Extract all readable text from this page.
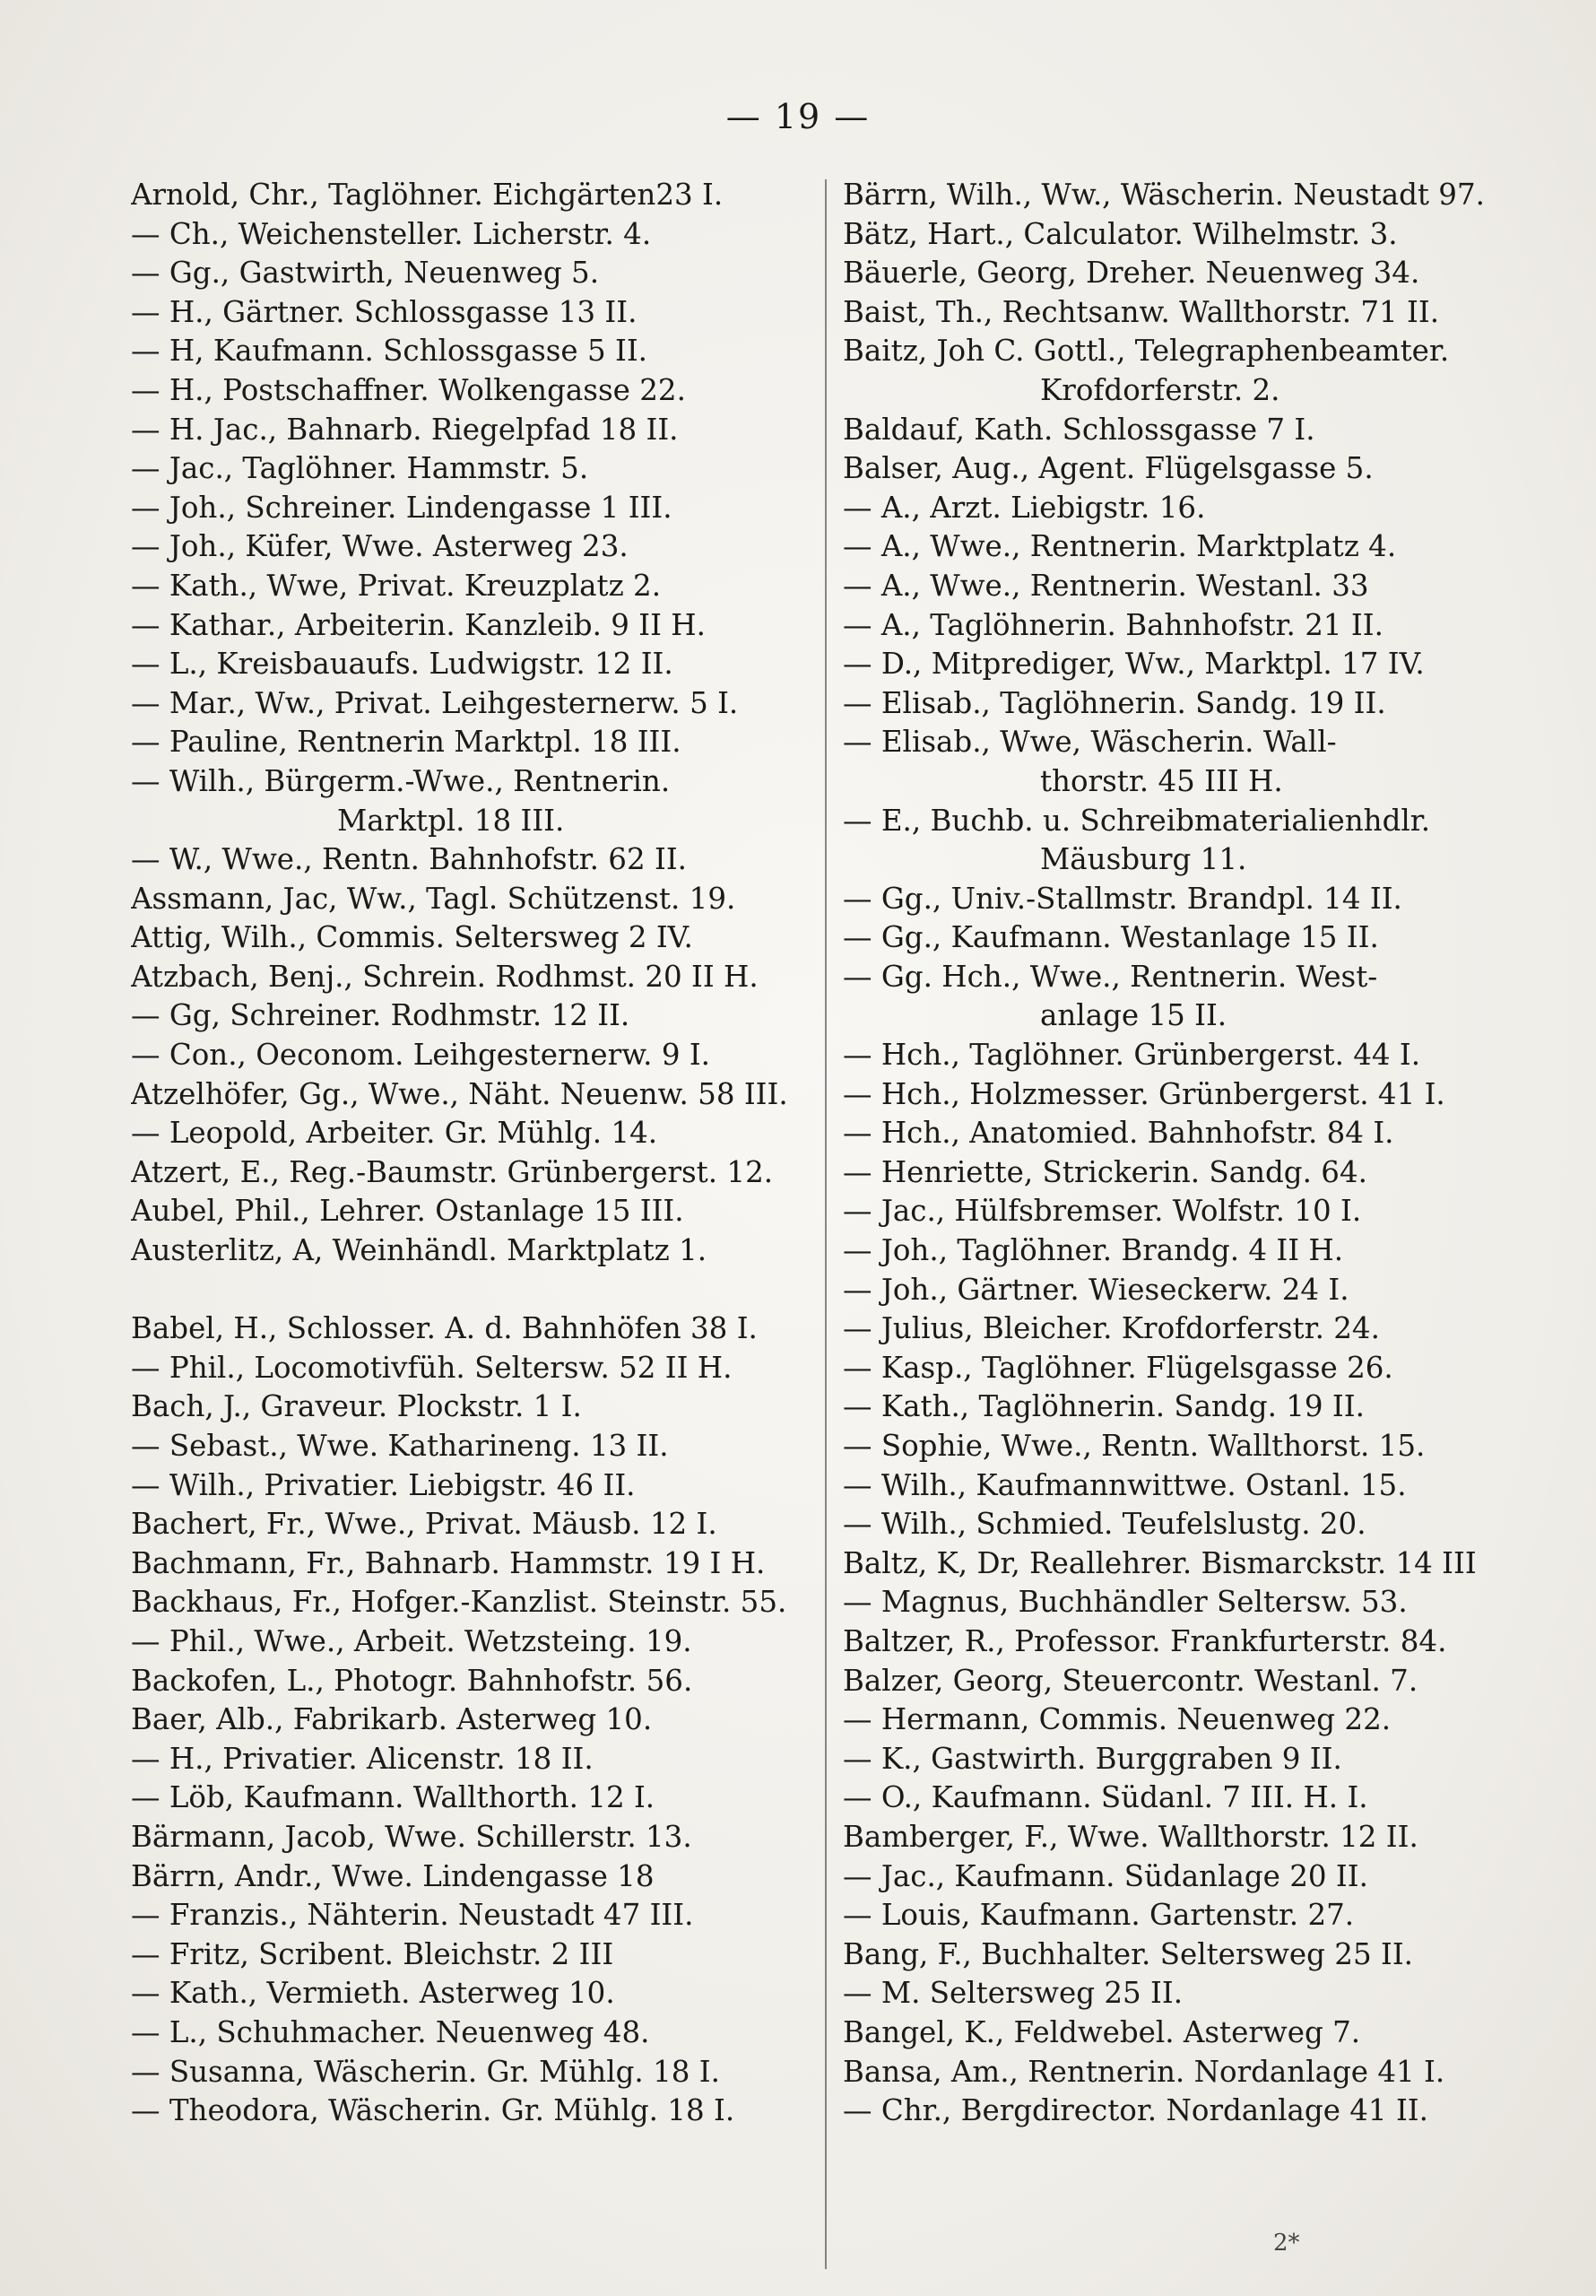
— 19 —
Arnold, Chr., Taglöhner. Eichgärten23 I.
— Ch., Weichensteller. Licherstr. 4.
— Gg., Gastwirth, Neuenweg 5.
— H., Gärtner. Schlossgasse 13 II.
— H, Kaufmann. Schlossgasse 5 II.
— H., Postschaffner. Wolkengasse 22.
— H. Jac., Bahnarb. Riegelpfad 18 II.
— Jac., Taglöhner. Hammstr. 5.
— Joh., Schreiner. Lindengasse 1 III.
— Joh., Küfer, Wwe. Asterweg 23.
— Kath., Wwe, Privat. Kreuzplatz 2.
— Kathar., Arbeiterin. Kanzleib. 9 II H.
— L., Kreisbauaufs. Ludwigstr. 12 II.
— Mar., Ww., Privat. Leihgesternerw. 5 I.
— Pauline, Rentnerin Marktpl. 18 III.
— Wilh., Bürgerm.-Wwe., Rentnerin.
Marktpl. 18 III.
— W., Wwe., Rentn. Bahnhofstr. 62 II.
Assmann, Jac, Ww., Tagl. Schützenst. 19.
Attig, Wilh., Commis. Seltersweg 2 IV.
Atzbach, Benj., Schrein. Rodhmst. 20 II H.
— Gg, Schreiner. Rodhmstr. 12 II.
— Con., Oeconom. Leihgesternerw. 9 I.
Atzelhöfer, Gg., Wwe., Näht. Neuenw. 58 III.
— Leopold, Arbeiter. Gr. Mühlg. 14.
Atzert, E., Reg.-Baumstr. Grünbergerst. 12.
Aubel, Phil., Lehrer. Ostanlage 15 III.
Austerlitz, A, Weinhändl. Marktplatz 1.
Babel, H., Schlosser. A. d. Bahnhöfen 38 I.
— Phil., Locomotivfüh. Seltersw. 52 II H.
Bach, J., Graveur. Plockstr. 1 I.
— Sebast., Wwe. Katharineng. 13 II.
— Wilh., Privatier. Liebigstr. 46 II.
Bachert, Fr., Wwe., Privat. Mäusb. 12 I.
Bachmann, Fr., Bahnarb. Hammstr. 19 I H.
Backhaus, Fr., Hofger.-Kanzlist. Steinstr. 55.
— Phil., Wwe., Arbeit. Wetzsteing. 19.
Backofen, L., Photogr. Bahnhofstr. 56.
Baer, Alb., Fabrikarb. Asterweg 10.
— H., Privatier. Alicenstr. 18 II.
— Löb, Kaufmann. Wallthorth. 12 I.
Bärmann, Jacob, Wwe. Schillerstr. 13.
Bärrn, Andr., Wwe. Lindengasse 18
— Franzis., Nähterin. Neustadt 47 III.
— Fritz, Scribent. Bleichstr. 2 III
— Kath., Vermieth. Asterweg 10.
— L., Schuhmacher. Neuenweg 48.
— Susanna, Wäscherin. Gr. Mühlg. 18 I.
— Theodora, Wäscherin. Gr. Mühlg. 18 I.
Bärrn, Wilh., Ww., Wäscherin. Neustadt 97.
Bätz, Hart., Calculator. Wilhelmstr. 3.
Bäuerle, Georg, Dreher. Neuenweg 34.
Baist, Th., Rechtsanw. Wallthorstr. 71 II.
Baitz, Joh C. Gottl., Telegraphenbeamter.
Krofdorferstr. 2.
Baldauf, Kath. Schlossgasse 7 I.
Balser, Aug., Agent. Flügelsgasse 5.
— A., Arzt. Liebigstr. 16.
— A., Wwe., Rentnerin. Marktplatz 4.
— A., Wwe., Rentnerin. Westanl. 33
— A., Taglöhnerin. Bahnhofstr. 21 II.
— D., Mitprediger, Ww., Marktpl. 17 IV.
— Elisab., Taglöhnerin. Sandg. 19 II.
— Elisab., Wwe, Wäscherin. Wall-
thorstr. 45 III H.
— E., Buchb. u. Schreibmaterialienhdlr.
Mäusburg 11.
— Gg., Univ.-Stallmstr. Brandpl. 14 II.
— Gg., Kaufmann. Westanlage 15 II.
— Gg. Hch., Wwe., Rentnerin. West-
anlage 15 II.
— Hch., Taglöhner. Grünbergerst. 44 I.
— Hch., Holzmesser. Grünbergerst. 41 I.
— Hch., Anatomied. Bahnhofstr. 84 I.
— Henriette, Strickerin. Sandg. 64.
— Jac., Hülfsbremser. Wolfstr. 10 I.
— Joh., Taglöhner. Brandg. 4 II H.
— Joh., Gärtner. Wieseckerw. 24 I.
— Julius, Bleicher. Krofdorferstr. 24.
— Kasp., Taglöhner. Flügelsgasse 26.
— Kath., Taglöhnerin. Sandg. 19 II.
— Sophie, Wwe., Rentn. Wallthorst. 15.
— Wilh., Kaufmannwittwe. Ostanl. 15.
— Wilh., Schmied. Teufelslustg. 20.
Baltz, K, Dr, Reallehrer. Bismarckstr. 14 III
— Magnus, Buchhändler Seltersw. 53.
Baltzer, R., Professor. Frankfurterstr. 84.
Balzer, Georg, Steuercontr. Westanl. 7.
— Hermann, Commis. Neuenweg 22.
— K., Gastwirth. Burggraben 9 II.
— O., Kaufmann. Südanl. 7 III. H. I.
Bamberger, F., Wwe. Wallthorstr. 12 II.
— Jac., Kaufmann. Südanlage 20 II.
— Louis, Kaufmann. Gartenstr. 27.
Bang, F., Buchhalter. Seltersweg 25 II.
— M. Seltersweg 25 II.
Bangel, K., Feldwebel. Asterweg 7.
Bansa, Am., Rentnerin. Nordanlage 41 I.
— Chr., Bergdirector. Nordanlage 41 II.
2*
